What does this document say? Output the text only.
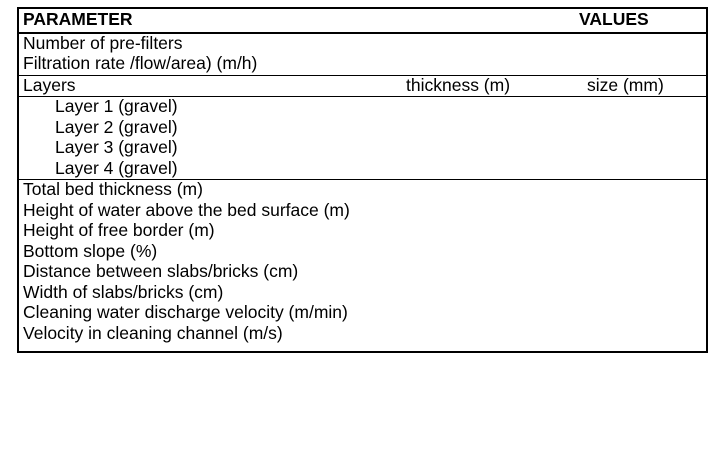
PARAMETER		VALUES

Number of pre-filters		

Filtration rate /flow/area) (m/h)		

Layers	thickness (m)	size (mm)

Layer 1 (gravel)		

Layer 2 (gravel)		

Layer 3 (gravel)		

Layer 4 (gravel)		

Total bed thickness (m)		

Height of water above the bed surface (m)		

Height of free border (m)		

Bottom slope (%)		

Distance between slabs/bricks (cm)		

Width of slabs/bricks (cm)		

Cleaning water discharge velocity (m/min)		

Velocity in cleaning channel (m/s)		
